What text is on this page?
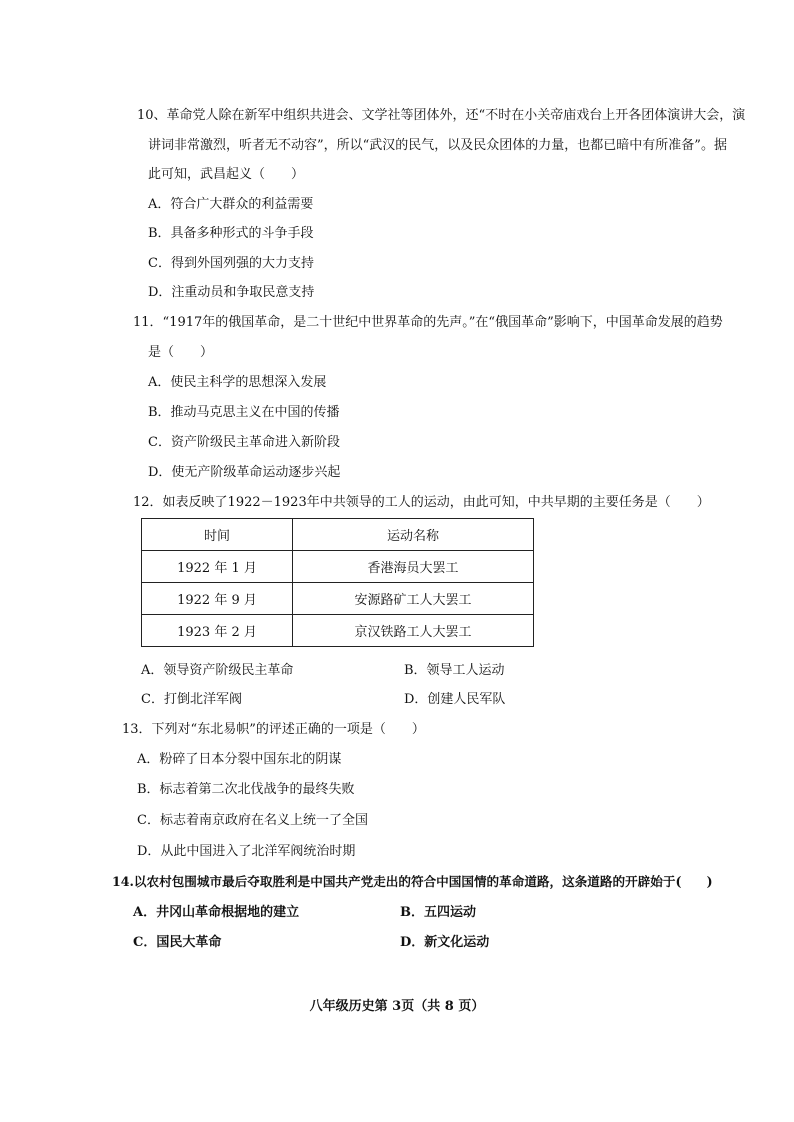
10、革命党人除在新军中组织共进会、文学社等团体外，还“不时在小关帝庙戏台上开各团体演讲大会，演
讲词非常激烈，听者无不动容”，所以“武汉的民气，以及民众团体的力量，也都已暗中有所准备”。据
此可知，武昌起义（　　）
A．符合广大群众的利益需要
B．具备多种形式的斗争手段
C．得到外国列强的大力支持
D．注重动员和争取民意支持
11．“1917年的俄国革命，是二十世纪中世界革命的先声。”在“俄国革命”影响下，中国革命发展的趋势
是（　　）
A．使民主科学的思想深入发展
B．推动马克思主义在中国的传播
C．资产阶级民主革命进入新阶段
D．使无产阶级革命运动逐步兴起
12．如表反映了1922－1923年中共领导的工人的运动，由此可知，中共早期的主要任务是（　　）
时间	运动名称
1922 年 1 月	香港海员大罢工
1922 年 9 月	安源路矿工人大罢工
1923 年 2 月	京汉铁路工人大罢工
A．领导资产阶级民主革命	B．领导工人运动
C．打倒北洋军阀	D．创建人民军队
13．下列对“东北易帜”的评述正确的一项是（　　）
A．粉碎了日本分裂中国东北的阴谋
B．标志着第二次北伐战争的最终失败
C．标志着南京政府在名义上统一了全国
D．从此中国进入了北洋军阀统治时期
14.以农村包围城市最后夺取胜利是中国共产党走出的符合中国国情的革命道路，这条道路的开辟始于(　　)
A．井冈山革命根据地的建立	B．五四运动
C．国民大革命	D．新文化运动
八年级历史第 3页（共 8 页）
